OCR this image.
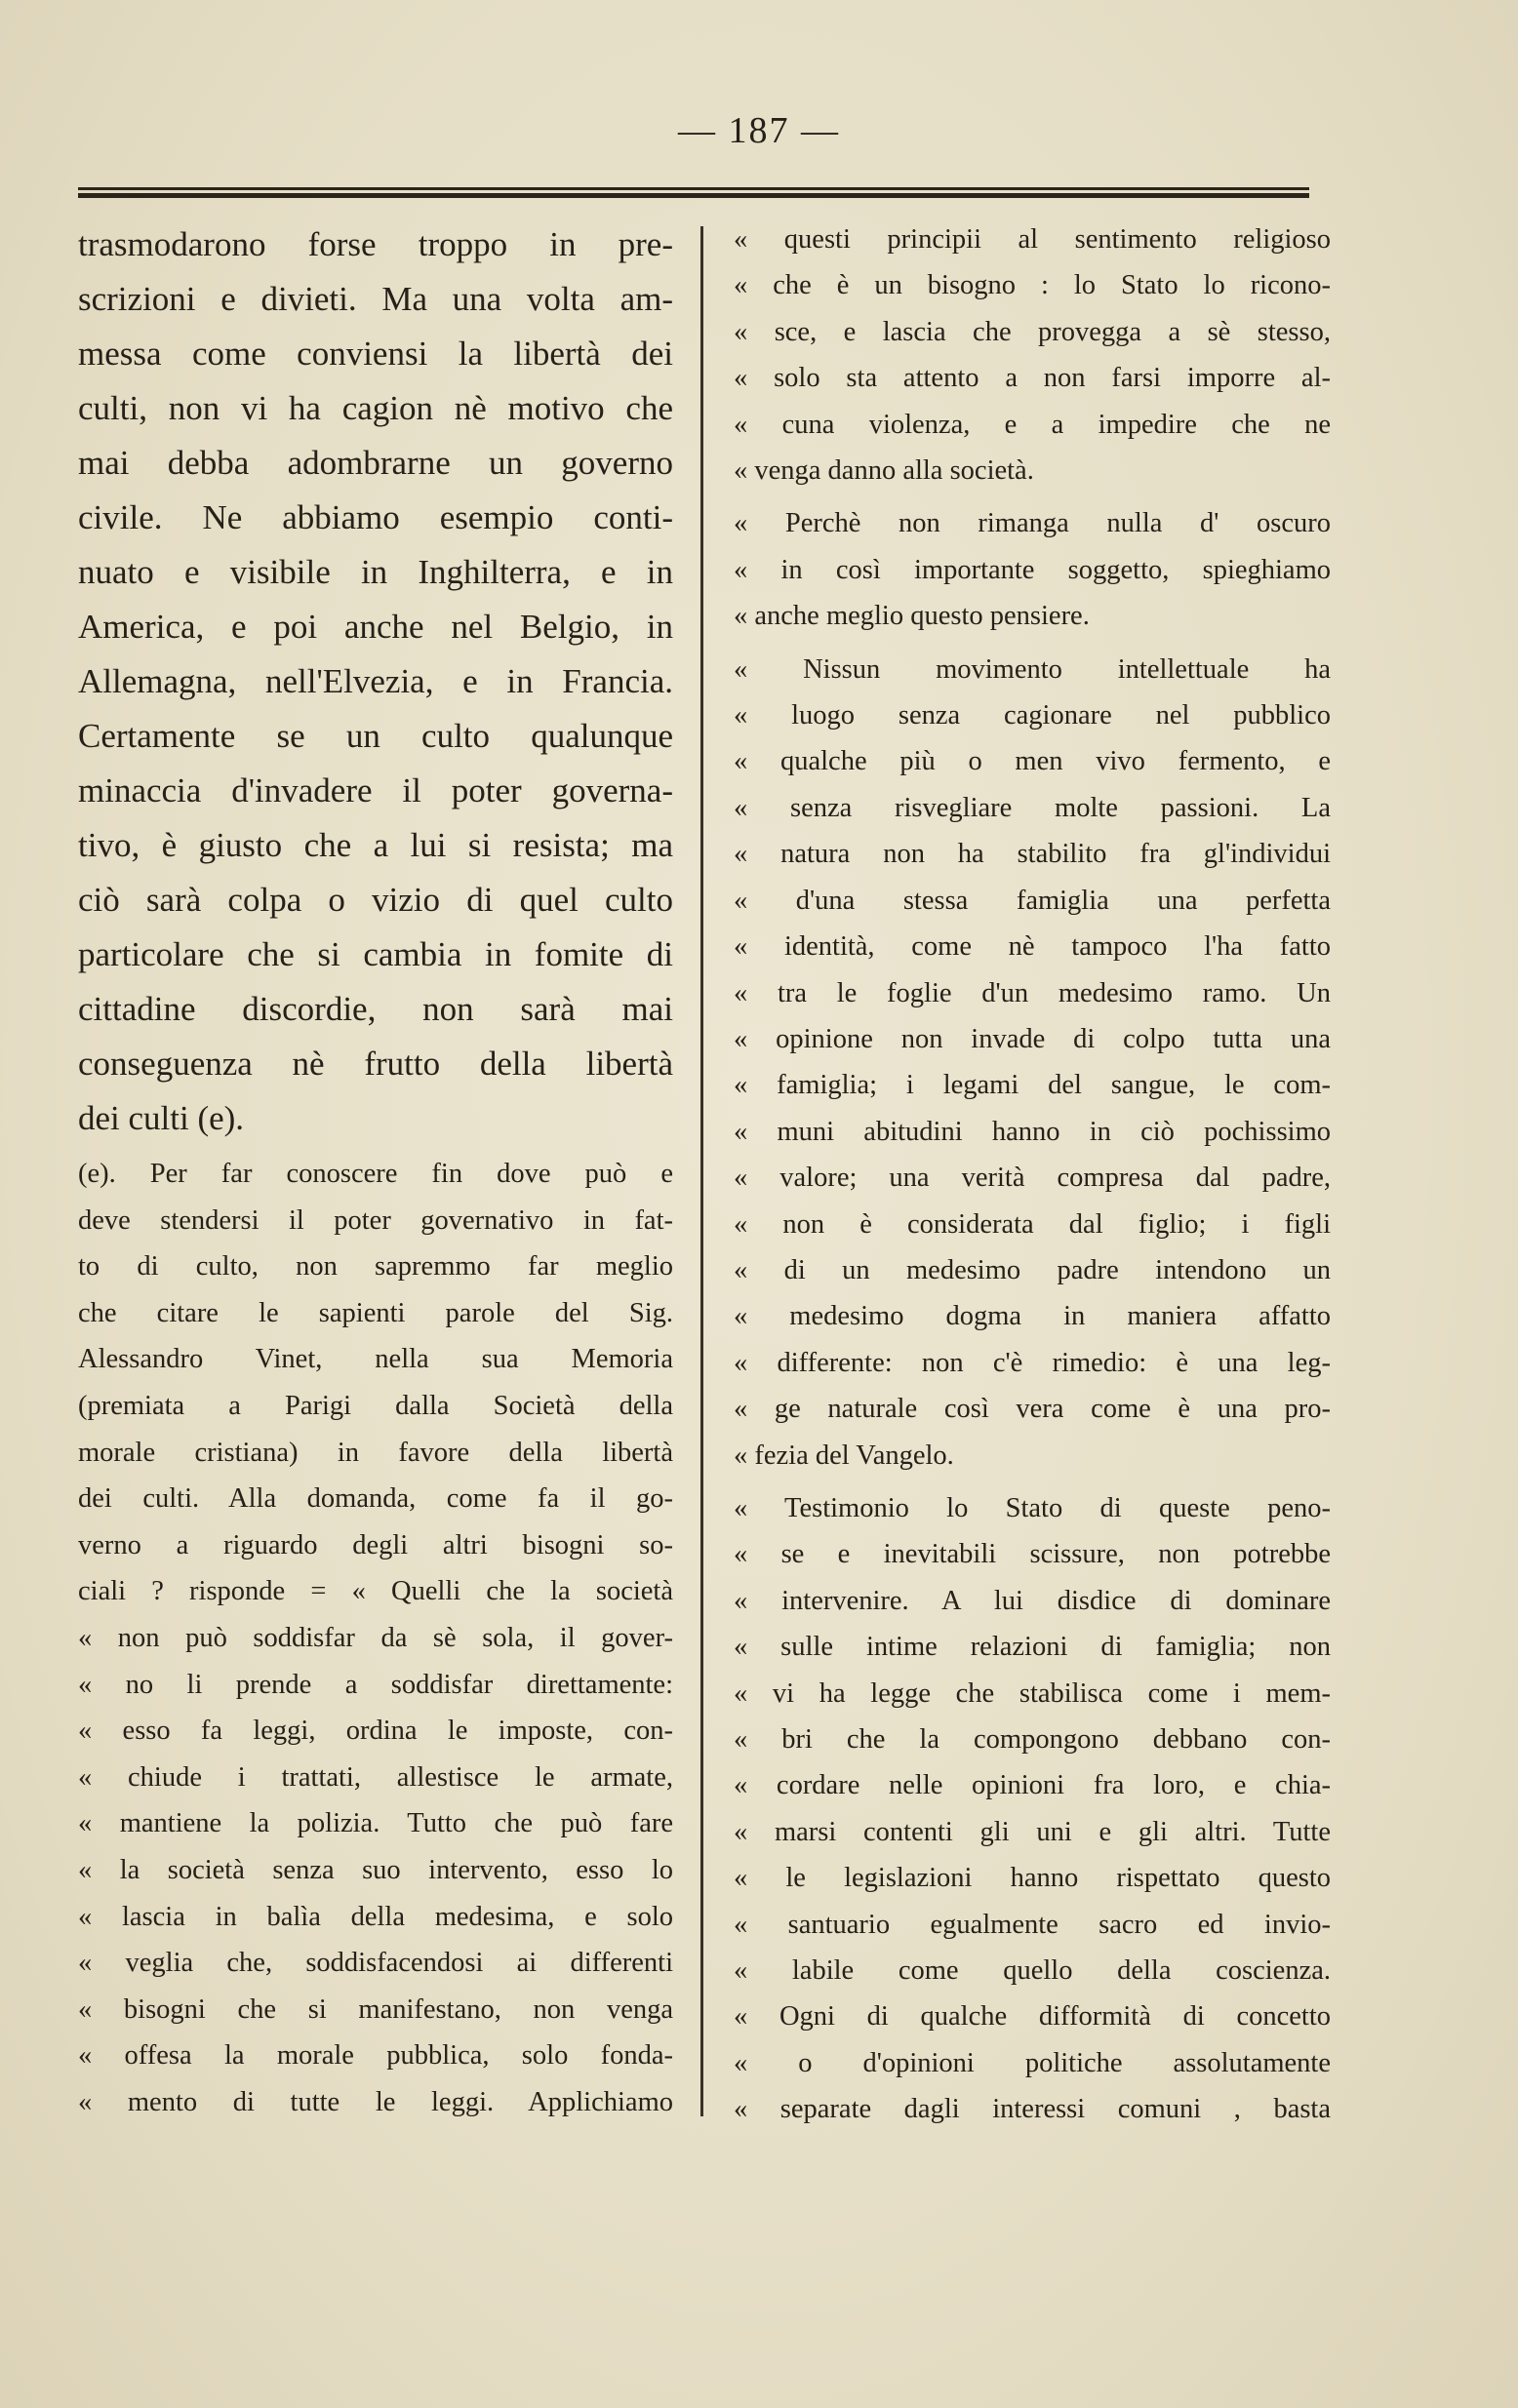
— 187 —
trasmodarono forse troppo in pre-
scrizioni e divieti. Ma una volta am-
messa come conviensi la libertà dei
culti, non vi ha cagion nè motivo che
mai debba adombrarne un governo
civile. Ne abbiamo esempio conti-
nuato e visibile in Inghilterra, e in
America, e poi anche nel Belgio, in
Allemagna, nell'Elvezia, e in Francia.
Certamente se un culto qualunque
minaccia d'invadere il poter governa-
tivo, è giusto che a lui si resista; ma
ciò sarà colpa o vizio di quel culto
particolare che si cambia in fomite di
cittadine discordie, non sarà mai
conseguenza nè frutto della libertà
dei culti (e).
(e). Per far conoscere fin dove può e
deve stendersi il poter governativo in fat-
to di culto, non sapremmo far meglio
che citare le sapienti parole del Sig.
Alessandro Vinet, nella sua Memoria
(premiata a Parigi dalla Società della
morale cristiana) in favore della libertà
dei culti. Alla domanda, come fa il go-
verno a riguardo degli altri bisogni so-
ciali ? risponde = « Quelli che la società
« non può soddisfar da sè sola, il gover-
« no li prende a soddisfar direttamente:
« esso fa leggi, ordina le imposte, con-
« chiude i trattati, allestisce le armate,
« mantiene la polizia. Tutto che può fare
« la società senza suo intervento, esso lo
« lascia in balìa della medesima, e solo
« veglia che, soddisfacendosi ai differenti
« bisogni che si manifestano, non venga
« offesa la morale pubblica, solo fonda-
« mento di tutte le leggi. Applichiamo
« questi principii al sentimento religioso
« che è un bisogno : lo Stato lo ricono-
« sce, e lascia che provegga a sè stesso,
« solo sta attento a non farsi imporre al-
« cuna violenza, e a impedire che ne
« venga danno alla società.
« Perchè non rimanga nulla d' oscuro
« in così importante soggetto, spieghiamo
« anche meglio questo pensiere.
« Nissun movimento intellettuale ha
« luogo senza cagionare nel pubblico
« qualche più o men vivo fermento, e
« senza risvegliare molte passioni. La
« natura non ha stabilito fra gl'individui
« d'una stessa famiglia una perfetta
« identità, come nè tampoco l'ha fatto
« tra le foglie d'un medesimo ramo. Un
« opinione non invade di colpo tutta una
« famiglia; i legami del sangue, le com-
« muni abitudini hanno in ciò pochissimo
« valore; una verità compresa dal padre,
« non è considerata dal figlio; i figli
« di un medesimo padre intendono un
« medesimo dogma in maniera affatto
« differente: non c'è rimedio: è una leg-
« ge naturale così vera come è una pro-
« fezia del Vangelo.
« Testimonio lo Stato di queste peno-
« se e inevitabili scissure, non potrebbe
« intervenire. A lui disdice di dominare
« sulle intime relazioni di famiglia; non
« vi ha legge che stabilisca come i mem-
« bri che la compongono debbano con-
« cordare nelle opinioni fra loro, e chia-
« marsi contenti gli uni e gli altri. Tutte
« le legislazioni hanno rispettato questo
« santuario egualmente sacro ed invio-
« labile come quello della coscienza.
« Ogni di qualche difformità di concetto
« o d'opinioni politiche assolutamente
« separate dagli interessi comuni , basta
